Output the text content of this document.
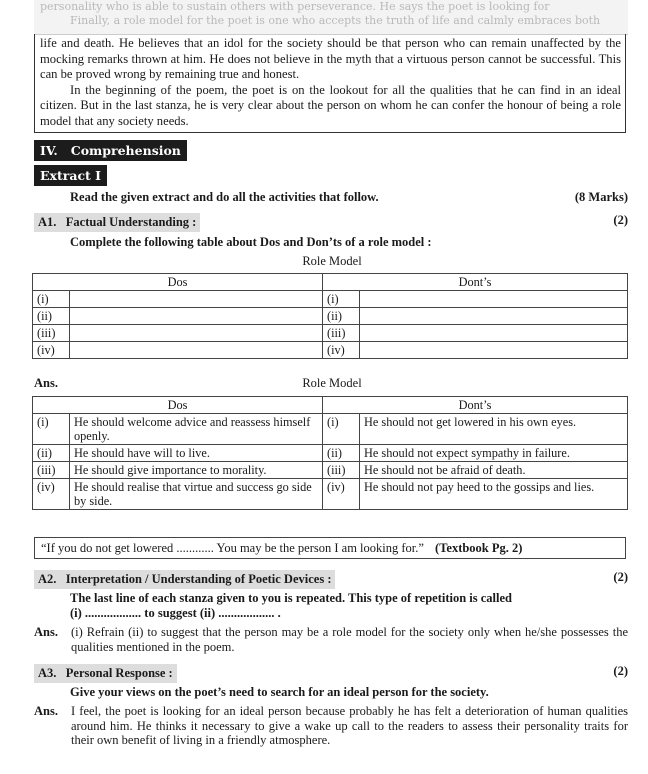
personality who is able to sustain others with perseverance. He says the poet is looking for

Finally, a role model for the poet is one who accepts the truth of life and calmly embraces both

life and death. He believes that an idol for the society should be that person who can remain unaffected by the mocking remarks thrown at him. He does not believe in the myth that a virtuous person cannot be successful. This can be proved wrong by remaining true and honest.

In the beginning of the poem, the poet is on the lookout for all the qualities that he can find in an ideal citizen. But in the last stanza, he is very clear about the person on whom he can confer the honour of being a role model that any society needs.

IV.   Comprehension
Extract I
Read the given extract and do all the activities that follow.	(8 Marks)
A1.   Factual Understanding :	(2)
Complete the following table about Dos and Don’ts of a role model :
Role Model
Dos		Dont’s	
(i)		(i)	
(ii)		(ii)	
(iii)		(iii)	
(iv)		(iv)	
Ans.	Role Model
Dos		Dont’s	
(i)	He should welcome advice and reassess himself openly.	(i)	He should not get lowered in his own eyes.
(ii)	He should have will to live.	(ii)	He should not expect sympathy in failure.
(iii)	He should give importance to morality.	(iii)	He should not be afraid of death.
(iv)	He should realise that virtue and success go side by side.	(iv)	He should not pay heed to the gossips and lies.
“If you do not get lowered ............ You may be the person I am looking for.” (Textbook Pg. 2)
A2.   Interpretation / Understanding of Poetic Devices :	(2)
The last line of each stanza given to you is repeated. This type of repetition is called
(i) .................. to suggest (ii) .................. .
Ans. (i) Refrain (ii) to suggest that the person may be a role model for the society only when he/she possesses the qualities mentioned in the poem.
A3.   Personal Response :	(2)
Give your views on the poet’s need to search for an ideal person for the society.
Ans. I feel, the poet is looking for an ideal person because probably he has felt a deterioration of human qualities around him. He thinks it necessary to give a wake up call to the readers to assess their personality traits for their own benefit of living in a friendly atmosphere.
